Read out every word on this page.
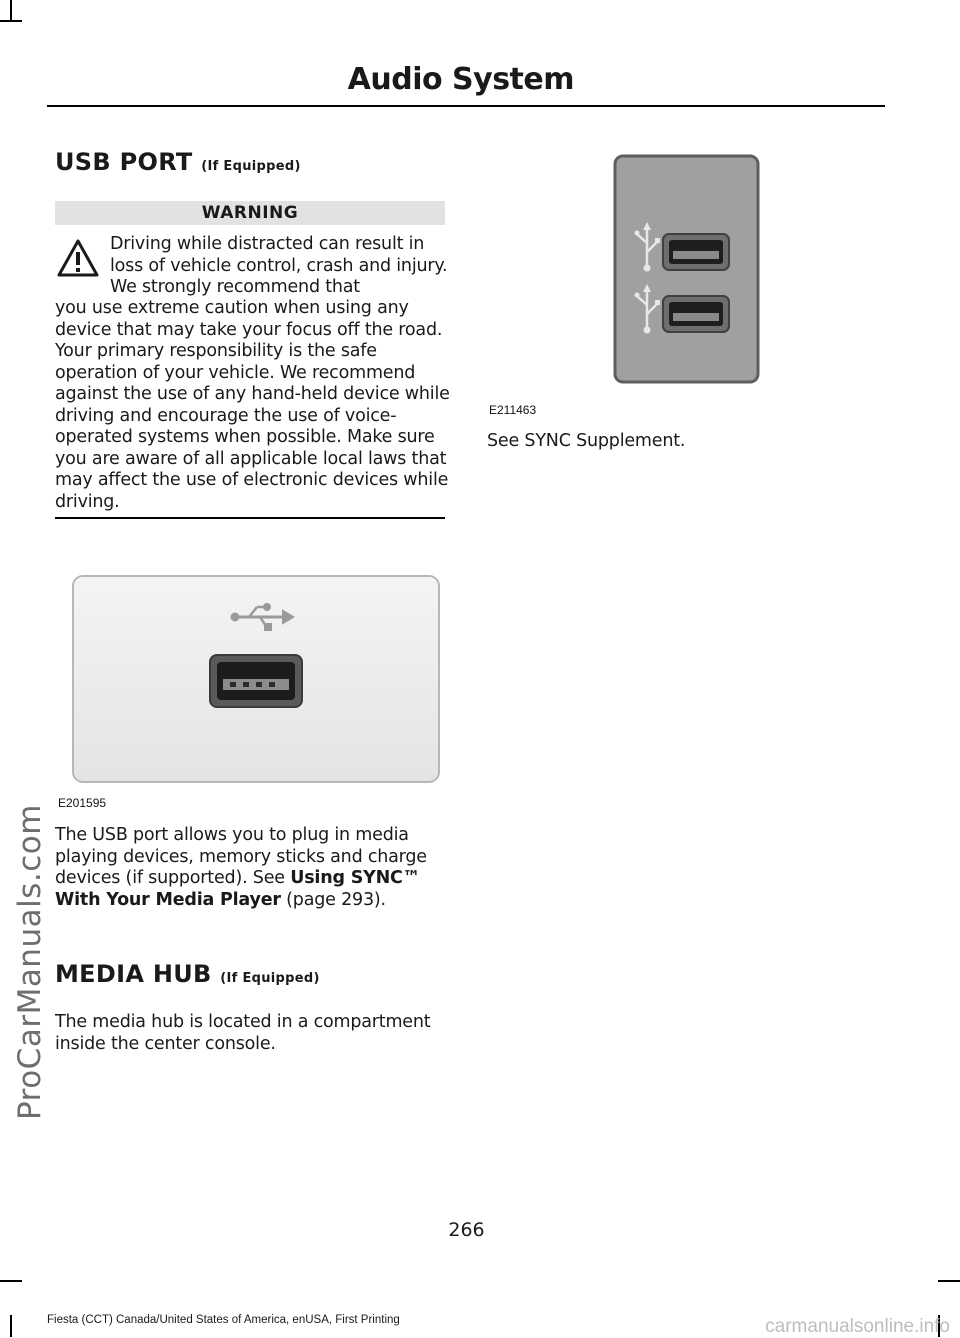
ProCarManuals.com
Audio System
USB PORT (If Equipped)
WARNING
Driving while distracted can result in loss of vehicle control, crash and injury. We strongly recommend that
you use extreme caution when using any device that may take your focus off the road. Your primary responsibility is the safe operation of your vehicle. We recommend against the use of any hand-held device while driving and encourage the use of voice-operated systems when possible. Make sure you are aware of all applicable local laws that may affect the use of electronic devices while driving.
E201595
The USB port allows you to plug in media playing devices, memory sticks and charge devices (if supported). See Using SYNC™ With Your Media Player (page 293).
MEDIA HUB (If Equipped)
The media hub is located in a compartment inside the center console.
E211463
See SYNC Supplement.
266
Fiesta (CCT) Canada/United States of America, enUSA, First Printing	carmanualsonline.info
